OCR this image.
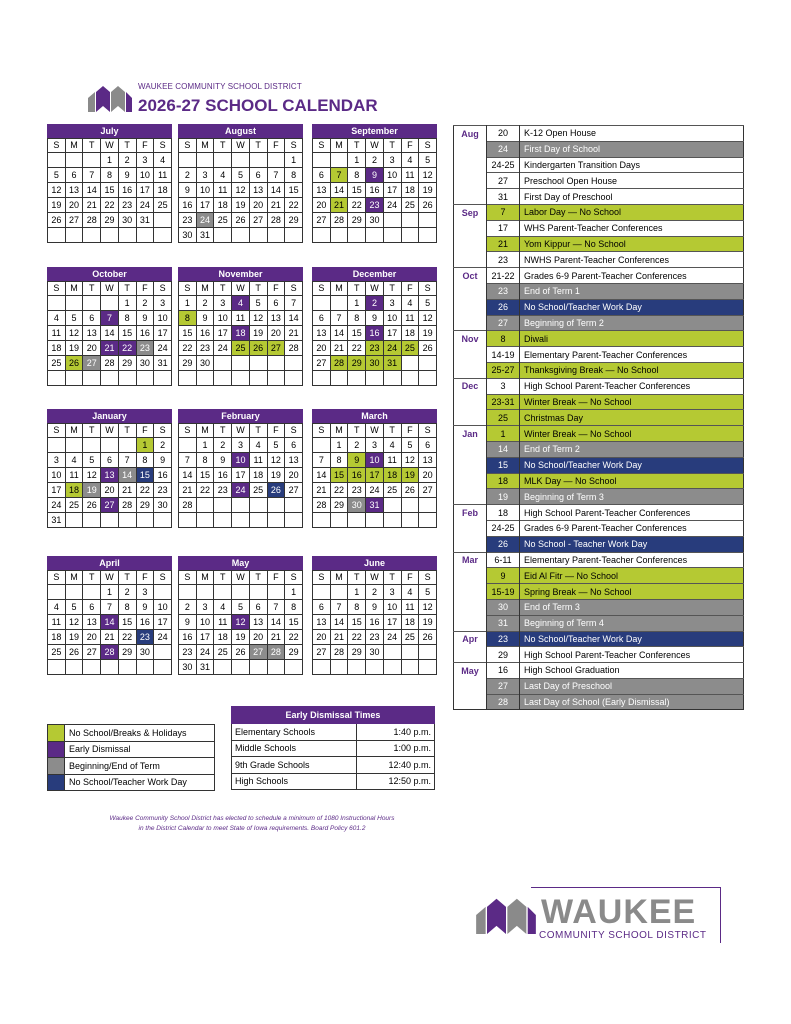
WAUKEE COMMUNITY SCHOOL DISTRICT
2026-27 SCHOOL CALENDAR
July
S	M	T	W	T	F	S
			1	2	3	4
5	6	7	8	9	10	11
12	13	14	15	16	17	18
19	20	21	22	23	24	25
26	27	28	29	30	31	

August
S	M	T	W	T	F	S
						1
2	3	4	5	6	7	8
9	10	11	12	13	14	15
16	17	18	19	20	21	22
23	24	25	26	27	28	29
30	31					
September
S	M	T	W	T	F	S
		1	2	3	4	5
6	7	8	9	10	11	12
13	14	15	16	17	18	19
20	21	22	23	24	25	26
27	28	29	30			

October
S	M	T	W	T	F	S
				1	2	3
4	5	6	7	8	9	10
11	12	13	14	15	16	17
18	19	20	21	22	23	24
25	26	27	28	29	30	31

November
S	M	T	W	T	F	S
1	2	3	4	5	6	7
8	9	10	11	12	13	14
15	16	17	18	19	20	21
22	23	24	25	26	27	28
29	30					

December
S	M	T	W	T	F	S
		1	2	3	4	5
6	7	8	9	10	11	12
13	14	15	16	17	18	19
20	21	22	23	24	25	26
27	28	29	30	31		

January
S	M	T	W	T	F	S
					1	2
3	4	5	6	7	8	9
10	11	12	13	14	15	16
17	18	19	20	21	22	23
24	25	26	27	28	29	30
31						
February
S	M	T	W	T	F	S
	1	2	3	4	5	6
7	8	9	10	11	12	13
14	15	16	17	18	19	20
21	22	23	24	25	26	27
28						

March
S	M	T	W	T	F	S
	1	2	3	4	5	6
7	8	9	10	11	12	13
14	15	16	17	18	19	20
21	22	23	24	25	26	27
28	29	30	31			

April
S	M	T	W	T	F	S
			1	2	3	
4	5	6	7	8	9	10
11	12	13	14	15	16	17
18	19	20	21	22	23	24
25	26	27	28	29	30	

May
S	M	T	W	T	F	S
						1
2	3	4	5	6	7	8
9	10	11	12	13	14	15
16	17	18	19	20	21	22
23	24	25	26	27	28	29
30	31					
June
S	M	T	W	T	F	S
		1	2	3	4	5
6	7	8	9	10	11	12
13	14	15	16	17	18	19
20	21	22	23	24	25	26
27	28	29	30			

Aug	20	K-12 Open House
	24	First Day of School
	24-25	Kindergarten Transition Days
	27	Preschool Open House
	31	First Day of Preschool
Sep	7	Labor Day — No School
	17	WHS Parent-Teacher Conferences
	21	Yom Kippur — No School
	23	NWHS Parent-Teacher Conferences
Oct	21-22	Grades 6-9 Parent-Teacher Conferences
	23	End of Term 1
	26	No School/Teacher Work Day
	27	Beginning of Term 2
Nov	8	Diwali
	14-19	Elementary Parent-Teacher Conferences
	25-27	Thanksgiving Break — No School
Dec	3	High School Parent-Teacher Conferences
	23-31	Winter Break — No School
	25	Christmas Day
Jan	1	Winter Break — No School
	14	End of Term 2
	15	No School/Teacher Work Day
	18	MLK Day — No School
	19	Beginning of Term 3
Feb	18	High School Parent-Teacher Conferences
	24-25	Grades 6-9 Parent-Teacher Conferences
	26	No School - Teacher Work Day
Mar	6-11	Elementary Parent-Teacher Conferences
	9	Eid Al Fitr — No School
	15-19	Spring Break — No School
	30	End of Term 3
	31	Beginning of Term 4
Apr	23	No School/Teacher Work Day
	29	High School Parent-Teacher Conferences
May	16	High School Graduation
	27	Last Day of Preschool
	28	Last Day of School (Early Dismissal)
	No School/Breaks & Holidays
	Early Dismissal
	Beginning/End of Term
	No School/Teacher Work Day
Early Dismissal Times	
Elementary Schools	1:40 p.m.
Middle Schools	1:00 p.m.
9th Grade Schools	12:40 p.m.
High Schools	12:50 p.m.
Waukee Community School District has elected to schedule a minimum of 1080 Instructional Hours
in the District Calendar to meet State of Iowa requirements. Board Policy 601.2
WAUKEE
COMMUNITY SCHOOL DISTRICT
